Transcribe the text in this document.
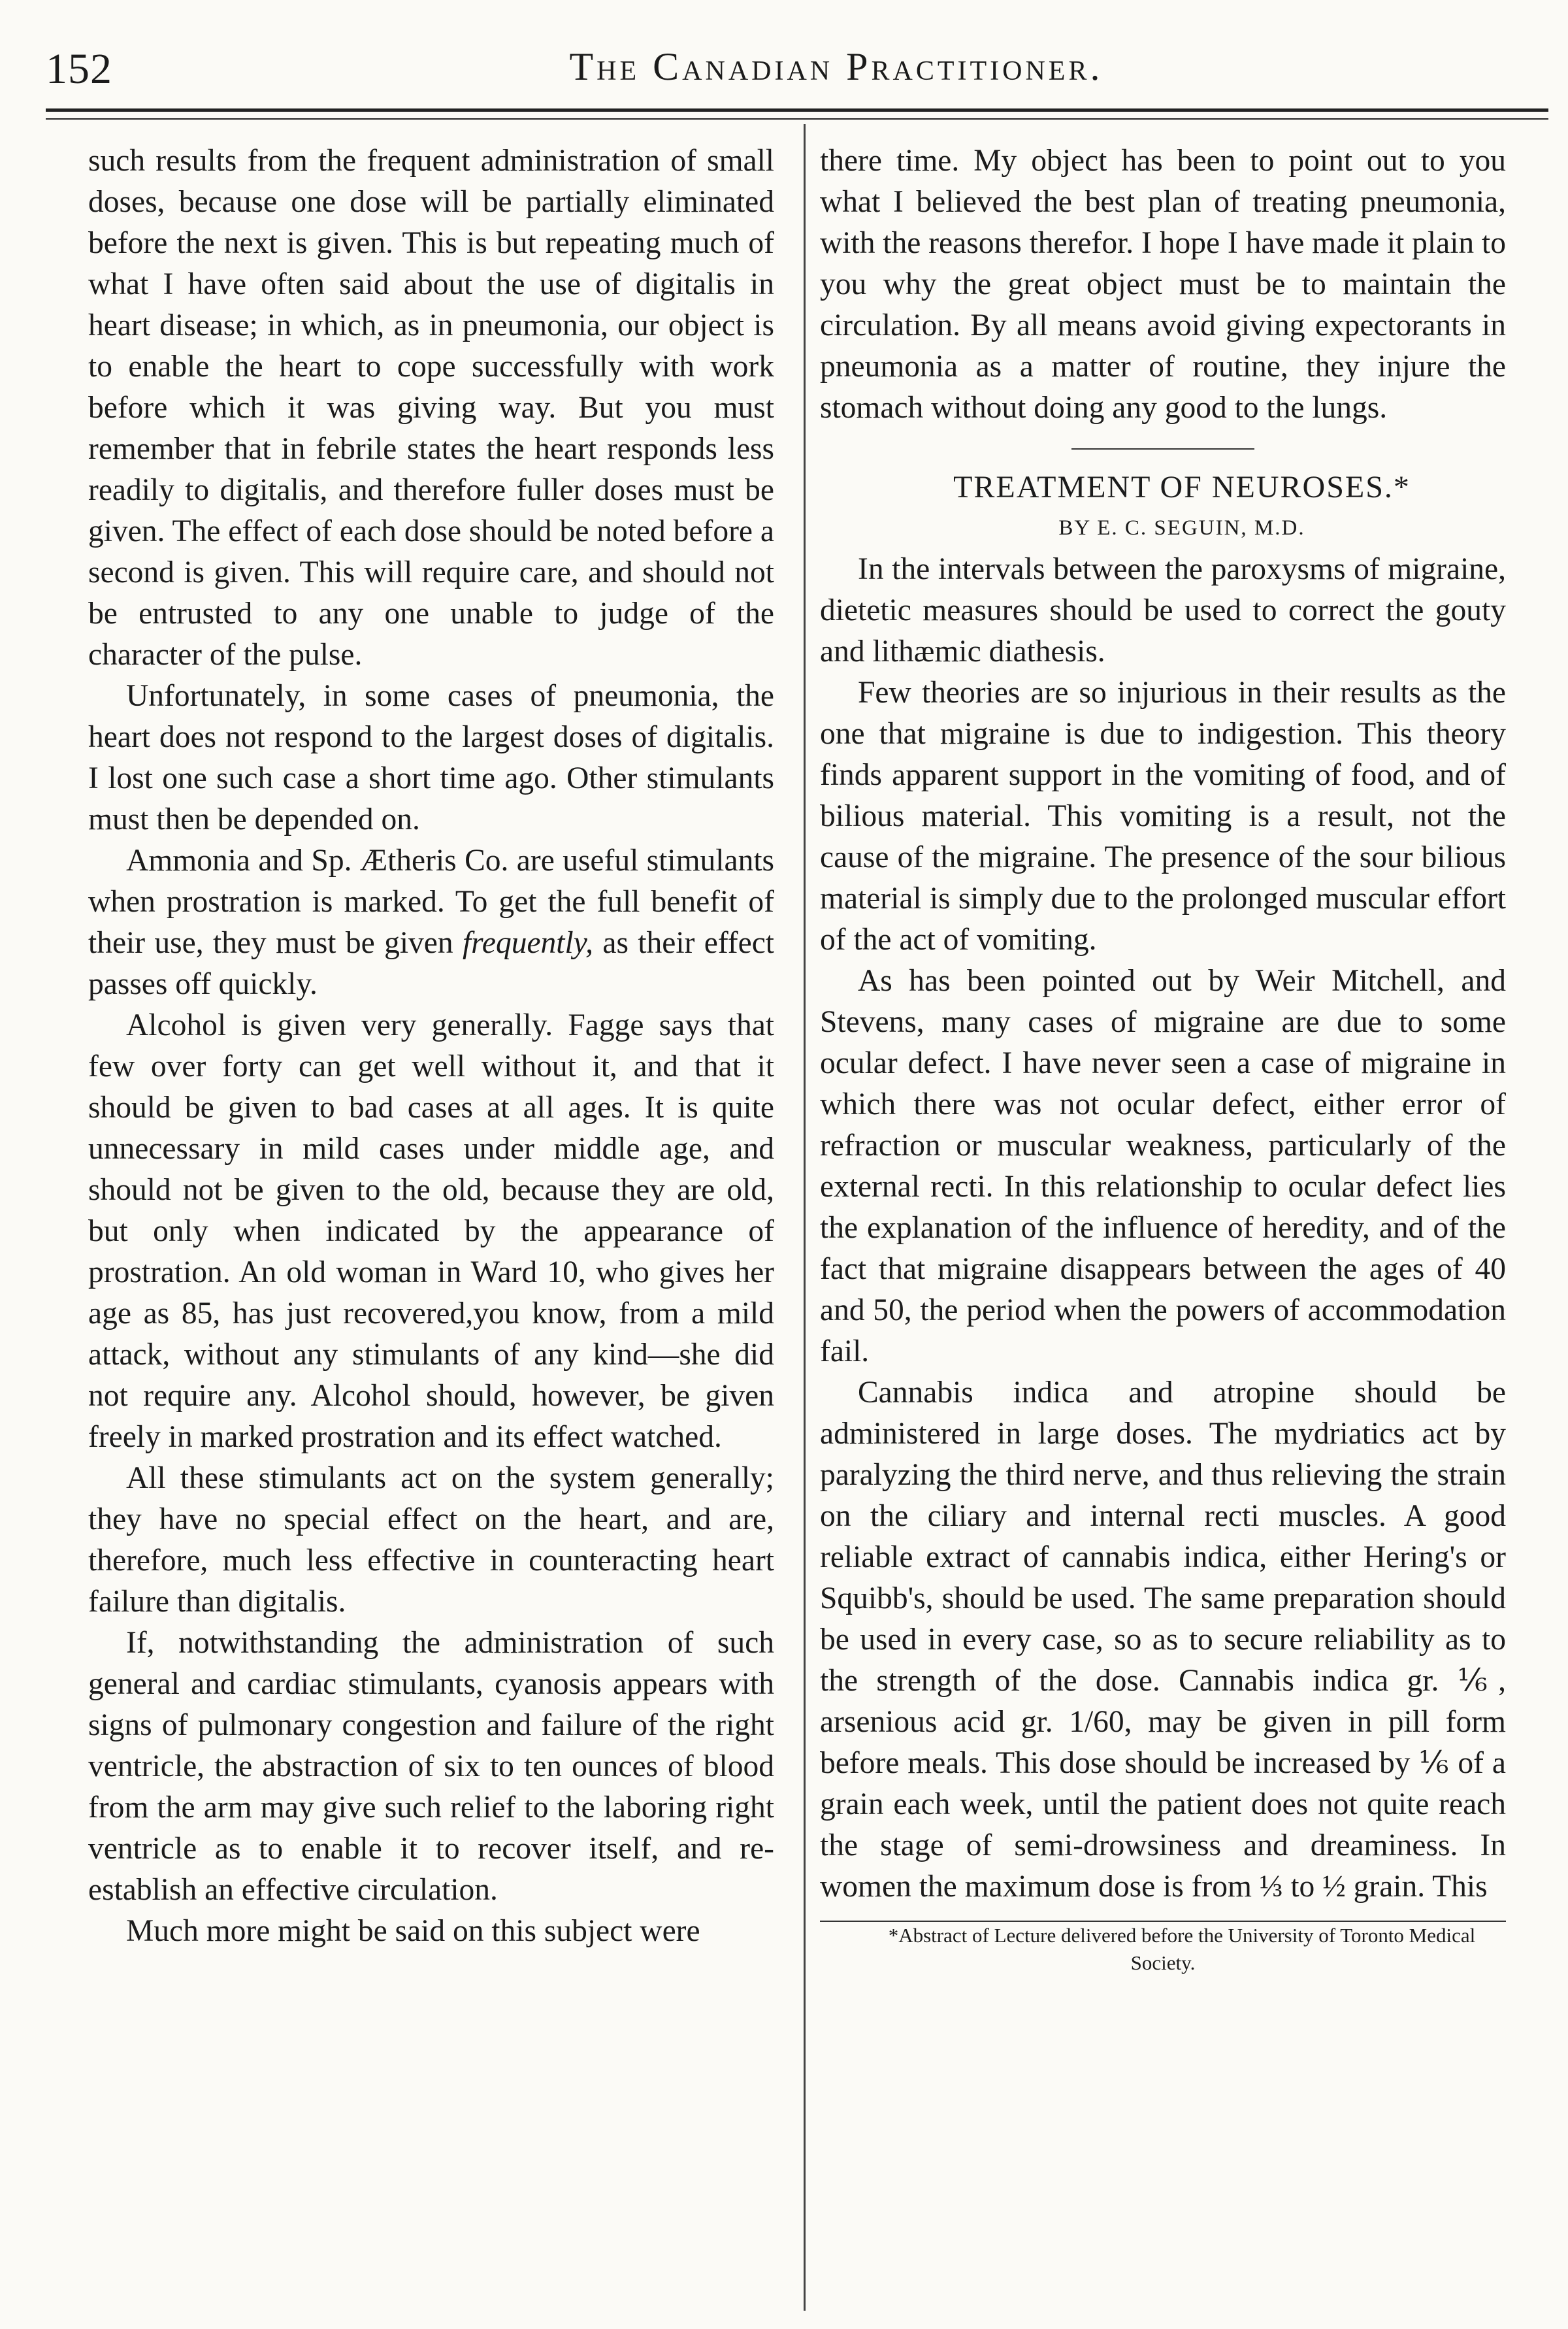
152	The Canadian Practitioner.

such results from the frequent administration of small doses, because one dose will be partially eliminated before the next is given. This is but repeating much of what I have often said about the use of digitalis in heart disease; in which, as in pneumonia, our object is to enable the heart to cope successfully with work before which it was giving way. But you must remember that in febrile states the heart responds less readily to digitalis, and therefore fuller doses must be given. The effect of each dose should be noted before a second is given. This will require care, and should not be entrusted to any one unable to judge of the character of the pulse.

Unfortunately, in some cases of pneumonia, the heart does not respond to the largest doses of digitalis. I lost one such case a short time ago. Other stimulants must then be depended on.

Ammonia and Sp. Ætheris Co. are useful stimulants when prostration is marked. To get the full benefit of their use, they must be given frequently, as their effect passes off quickly.

Alcohol is given very generally. Fagge says that few over forty can get well without it, and that it should be given to bad cases at all ages. It is quite unnecessary in mild cases under middle age, and should not be given to the old, because they are old, but only when indicated by the appearance of prostration. An old woman in Ward 10, who gives her age as 85, has just recovered,you know, from a mild attack, without any stimulants of any kind—she did not require any. Alcohol should, however, be given freely in marked prostration and its effect watched.

All these stimulants act on the system generally; they have no special effect on the heart, and are, therefore, much less effective in counteracting heart failure than digitalis.

If, notwithstanding the administration of such general and cardiac stimulants, cyanosis appears with signs of pulmonary congestion and failure of the right ventricle, the abstraction of six to ten ounces of blood from the arm may give such relief to the laboring right ventricle as to enable it to recover itself, and re-establish an effective circulation.

Much more might be said on this subject were

there time. My object has been to point out to you what I believed the best plan of treating pneumonia, with the reasons therefor. I hope I have made it plain to you why the great object must be to maintain the circulation. By all means avoid giving expectorants in pneumonia as a matter of routine, they injure the stomach without doing any good to the lungs.

TREATMENT OF NEUROSES.*

BY E. C. SEGUIN, M.D.

In the intervals between the paroxysms of migraine, dietetic measures should be used to correct the gouty and lithæmic diathesis.

Few theories are so injurious in their results as the one that migraine is due to indigestion. This theory finds apparent support in the vomiting of food, and of bilious material. This vomiting is a result, not the cause of the migraine. The presence of the sour bilious material is simply due to the prolonged muscular effort of the act of vomiting.

As has been pointed out by Weir Mitchell, and Stevens, many cases of migraine are due to some ocular defect. I have never seen a case of migraine in which there was not ocular defect, either error of refraction or muscular weakness, particularly of the external recti. In this relationship to ocular defect lies the explanation of the influence of heredity, and of the fact that migraine disappears between the ages of 40 and 50, the period when the powers of accommodation fail.

Cannabis indica and atropine should be administered in large doses. The mydriatics act by paralyzing the third nerve, and thus relieving the strain on the ciliary and internal recti muscles. A good reliable extract of cannabis indica, either Hering's or Squibb's, should be used. The same preparation should be used in every case, so as to secure reliability as to the strength of the dose. Cannabis indica gr. ⅙, arsenious acid gr. 1/60, may be given in pill form before meals. This dose should be increased by ⅙ of a grain each week, until the patient does not quite reach the stage of semi-drowsiness and dreaminess. In women the maximum dose is from ⅓ to ½ grain. This

*Abstract of Lecture delivered before the University of Toronto Medical Society.
